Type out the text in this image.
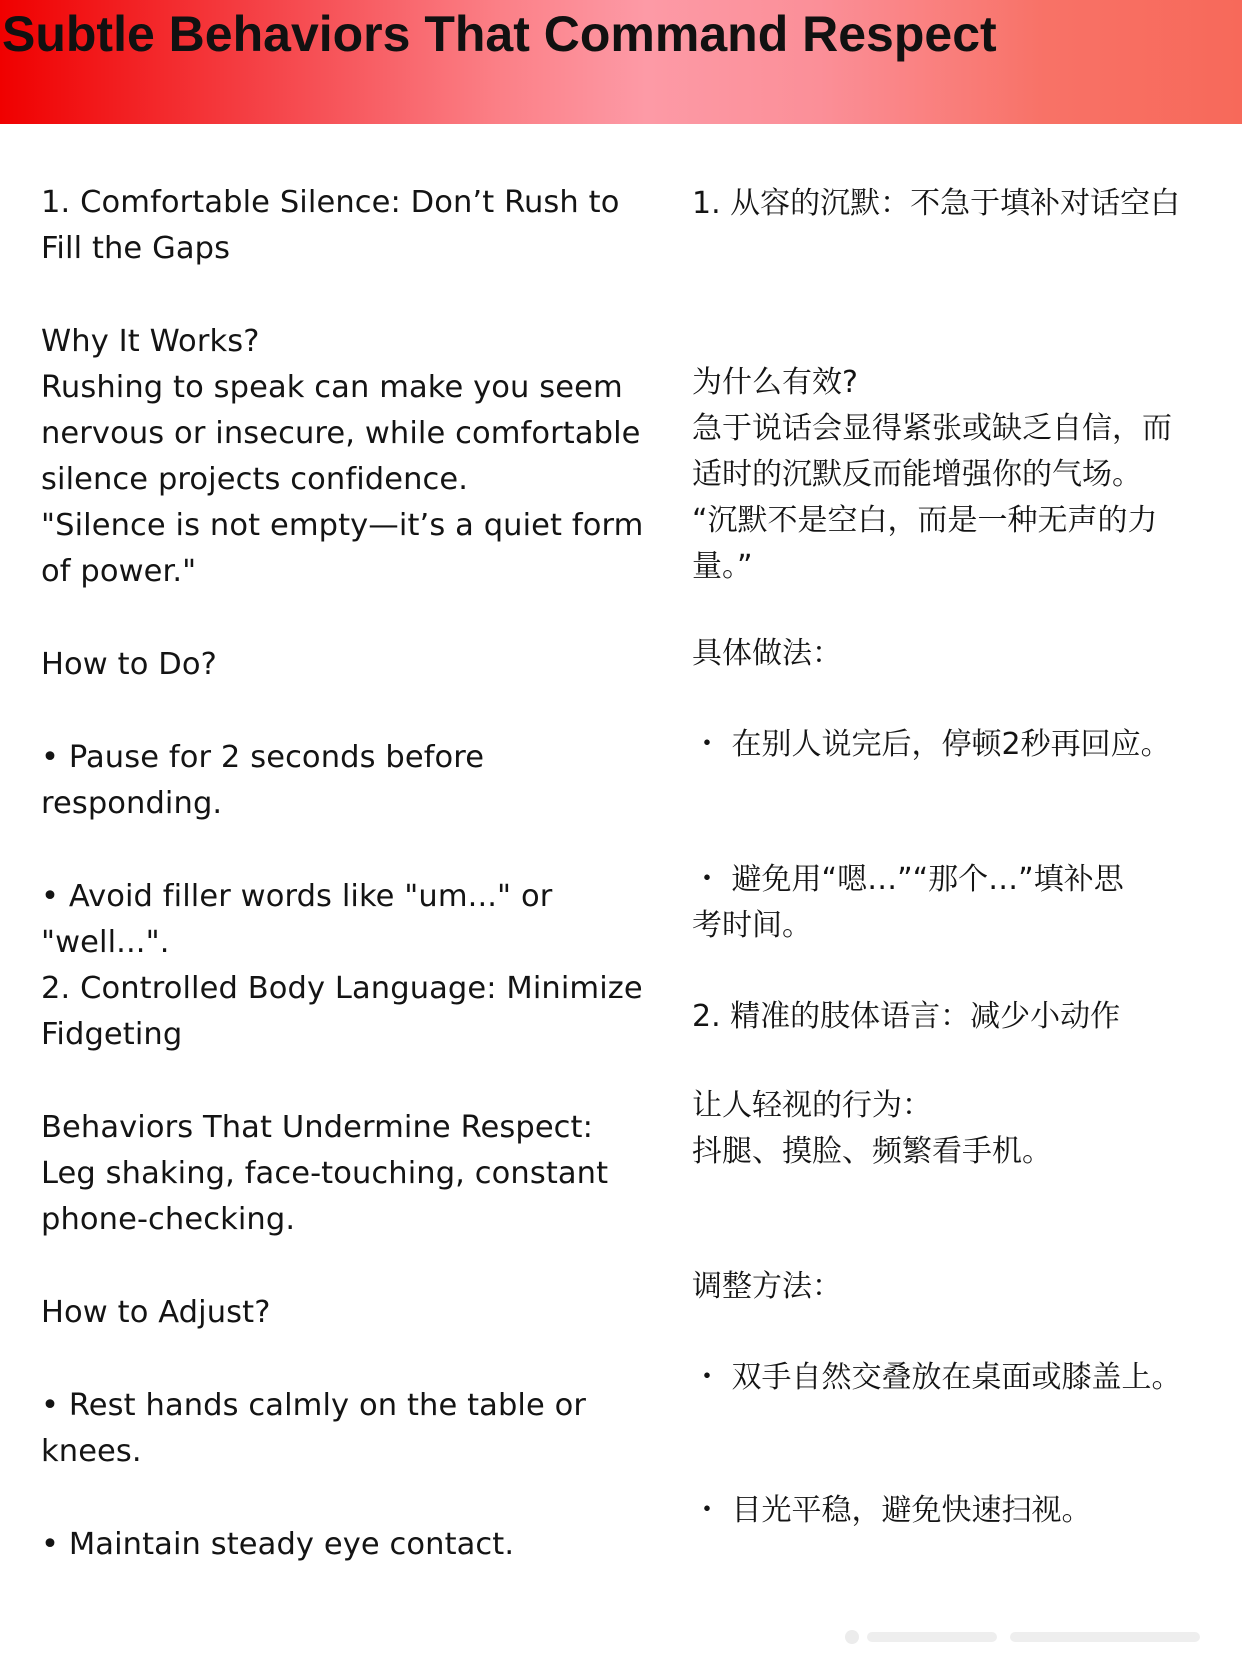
Subtle Behaviors That Command Respect

1. Comfortable Silence: Don’t Rush to

Fill the Gaps

Why It Works?

Rushing to speak can make you seem

nervous or insecure, while comfortable

silence projects confidence.

"Silence is not empty—it’s a quiet form

of power."

How to Do?

• Pause for 2 seconds before

responding.

• Avoid filler words like "um..." or

"well...".

2. Controlled Body Language: Minimize

Fidgeting

Behaviors That Undermine Respect:

Leg shaking, face-touching, constant

phone-checking.

How to Adjust?

• Rest hands calmly on the table or

knees.

• Maintain steady eye contact.

1. 从容的沉默：不急于填补对话空白

为什么有效?

急于说话会显得紧张或缺乏自信，而

适时的沉默反而能增强你的气场。

“沉默不是空白，而是一种无声的力

量。”

具体做法：

・ 在别人说完后，停顿2秒再回应。

・ 避免用“嗯…”“那个…”填补思

考时间。

2. 精准的肢体语言：减少小动作

让人轻视的行为：

抖腿、摸脸、频繁看手机。

调整方法：

・ 双手自然交叠放在桌面或膝盖上。

・ 目光平稳，避免快速扫视。
